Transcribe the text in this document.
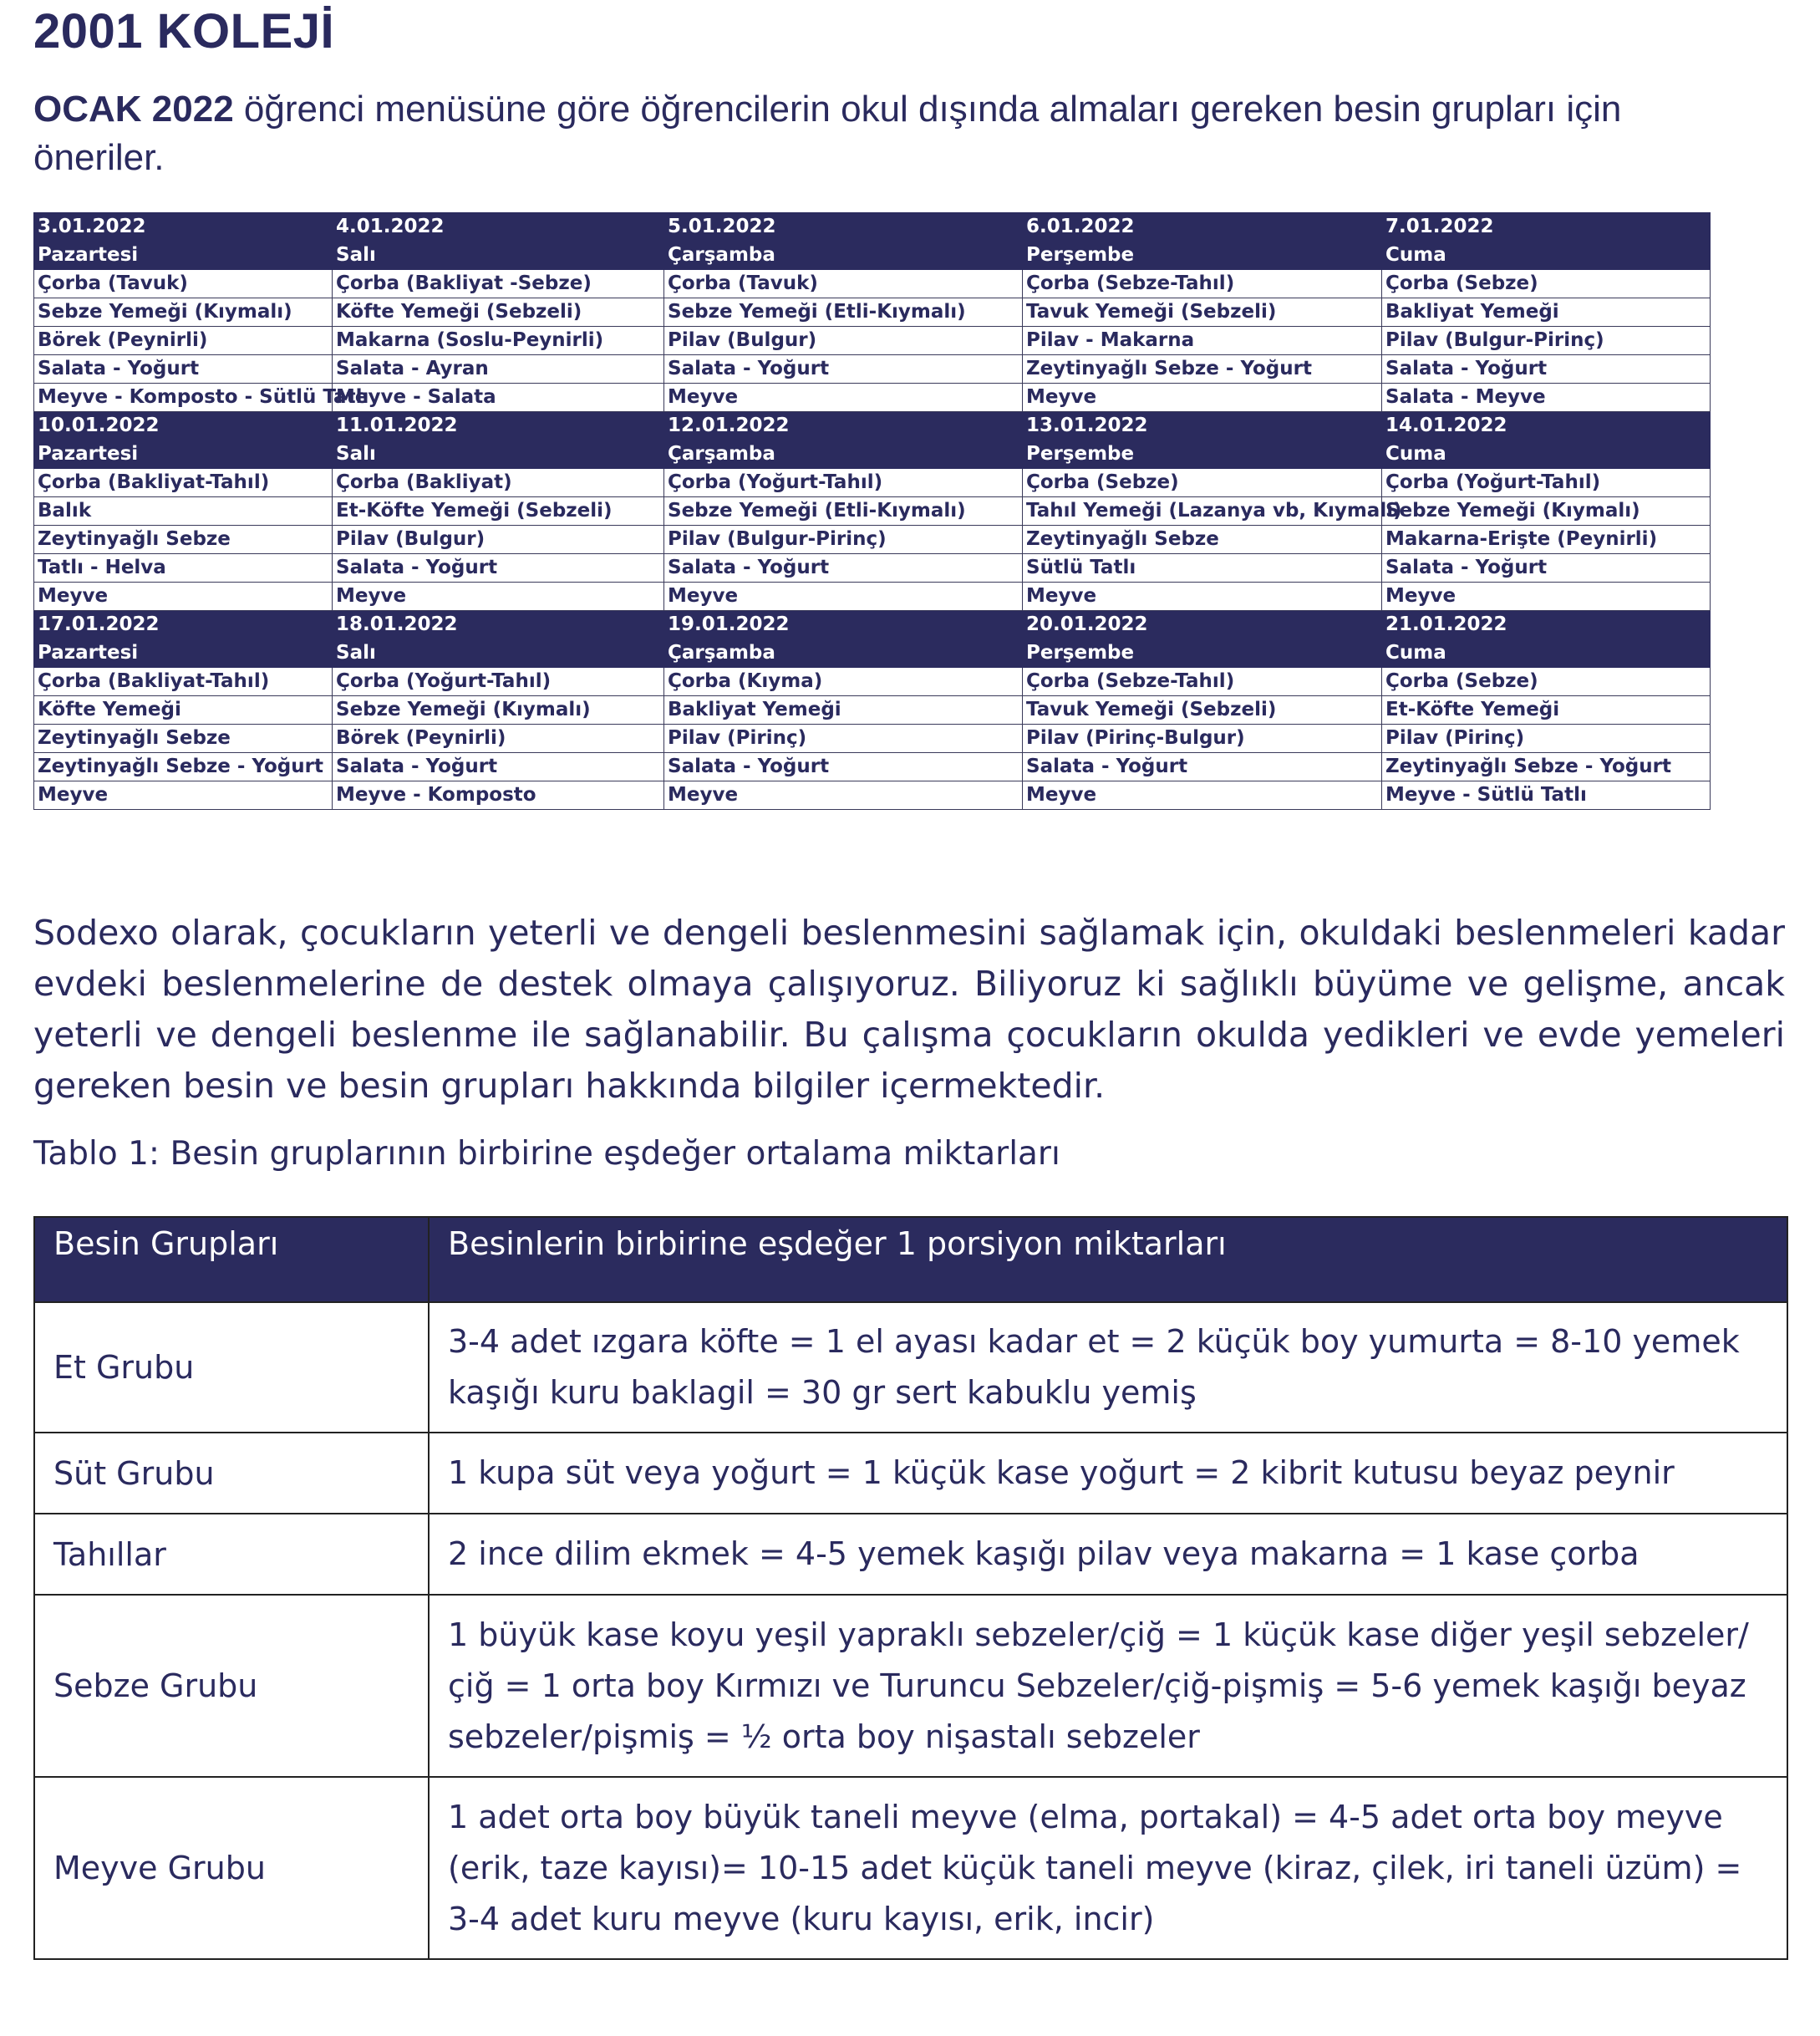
2001 KOLEJİ

OCAK 2022 öğrenci menüsüne göre öğrencilerin okul dışında almaları gereken besin grupları için öneriler.

3.01.2022	4.01.2022	5.01.2022	6.01.2022	7.01.2022
Pazartesi	Salı	Çarşamba	Perşembe	Cuma
Çorba (Tavuk)	Çorba (Bakliyat -Sebze)	Çorba (Tavuk)	Çorba (Sebze-Tahıl)	Çorba (Sebze)
Sebze Yemeği (Kıymalı)	Köfte Yemeği (Sebzeli)	Sebze Yemeği (Etli-Kıymalı)	Tavuk Yemeği (Sebzeli)	Bakliyat Yemeği
Börek (Peynirli)	Makarna (Soslu-Peynirli)	Pilav (Bulgur)	Pilav - Makarna	Pilav (Bulgur-Pirinç)
Salata - Yoğurt	Salata - Ayran	Salata - Yoğurt	Zeytinyağlı Sebze - Yoğurt	Salata - Yoğurt
Meyve - Komposto - Sütlü Tatlı	Meyve - Salata	Meyve	Meyve	Salata - Meyve
10.01.2022	11.01.2022	12.01.2022	13.01.2022	14.01.2022
Pazartesi	Salı	Çarşamba	Perşembe	Cuma
Çorba (Bakliyat-Tahıl)	Çorba (Bakliyat)	Çorba (Yoğurt-Tahıl)	Çorba (Sebze)	Çorba (Yoğurt-Tahıl)
Balık	Et-Köfte Yemeği (Sebzeli)	Sebze Yemeği (Etli-Kıymalı)	Tahıl Yemeği (Lazanya vb, Kıymalı)	Sebze Yemeği (Kıymalı)
Zeytinyağlı Sebze	Pilav (Bulgur)	Pilav (Bulgur-Pirinç)	Zeytinyağlı Sebze	Makarna-Erişte (Peynirli)
Tatlı - Helva	Salata - Yoğurt	Salata - Yoğurt	Sütlü Tatlı	Salata - Yoğurt
Meyve	Meyve	Meyve	Meyve	Meyve
17.01.2022	18.01.2022	19.01.2022	20.01.2022	21.01.2022
Pazartesi	Salı	Çarşamba	Perşembe	Cuma
Çorba (Bakliyat-Tahıl)	Çorba (Yoğurt-Tahıl)	Çorba (Kıyma)	Çorba (Sebze-Tahıl)	Çorba (Sebze)
Köfte Yemeği	Sebze Yemeği (Kıymalı)	Bakliyat Yemeği	Tavuk Yemeği (Sebzeli)	Et-Köfte Yemeği
Zeytinyağlı Sebze	Börek (Peynirli)	Pilav (Pirinç)	Pilav (Pirinç-Bulgur)	Pilav (Pirinç)
Zeytinyağlı Sebze - Yoğurt	Salata - Yoğurt	Salata - Yoğurt	Salata - Yoğurt	Zeytinyağlı Sebze - Yoğurt
Meyve	Meyve - Komposto	Meyve	Meyve	Meyve - Sütlü Tatlı

Sodexo olarak, çocukların yeterli ve dengeli beslenmesini sağlamak için, okuldaki beslenmeleri kadar evdeki beslenmelerine de destek olmaya çalışıyoruz. Biliyoruz ki sağlıklı büyüme ve gelişme, ancak yeterli ve dengeli beslenme ile sağlanabilir. Bu çalışma çocukların okulda yedikleri ve evde yemeleri gereken besin ve besin grupları hakkında bilgiler içermektedir.

Tablo 1: Besin gruplarının birbirine eşdeğer ortalama miktarları

Besin Grupları	Besinlerin birbirine eşdeğer 1 porsiyon miktarları
Et Grubu	3-4 adet ızgara köfte = 1 el ayası kadar et = 2 küçük boy yumurta = 8-10 yemek kaşığı kuru baklagil = 30 gr sert kabuklu yemiş
Süt Grubu	1 kupa süt veya yoğurt = 1 küçük kase yoğurt = 2 kibrit kutusu beyaz peynir
Tahıllar	2 ince dilim ekmek = 4-5 yemek kaşığı pilav veya makarna = 1 kase çorba
Sebze Grubu	1 büyük kase koyu yeşil yapraklı sebzeler/çiğ = 1 küçük kase diğer yeşil sebzeler/çiğ = 1 orta boy Kırmızı ve Turuncu Sebzeler/çiğ-pişmiş = 5-6 yemek kaşığı beyaz sebzeler/pişmiş = ½ orta boy nişastalı sebzeler
Meyve Grubu	1 adet orta boy büyük taneli meyve (elma, portakal) = 4-5 adet orta boy meyve (erik, taze kayısı)= 10-15 adet küçük taneli meyve (kiraz, çilek, iri taneli üzüm) = 3-4 adet kuru meyve (kuru kayısı, erik, incir)
